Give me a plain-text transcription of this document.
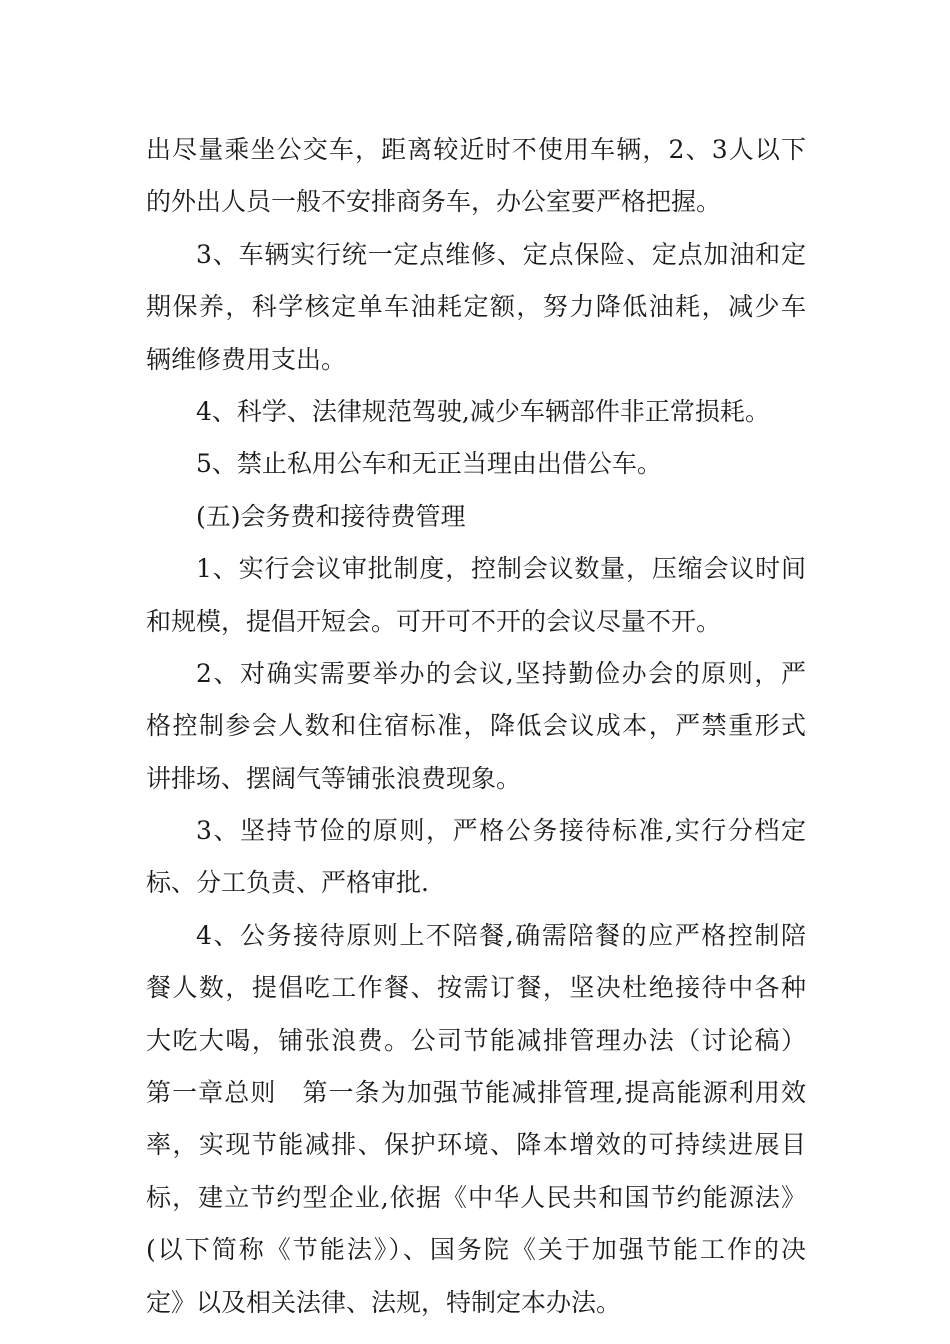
出尽量乘坐公交车，距离较近时不使用车辆，2、3人以下
的外出人员一般不安排商务车，办公室要严格把握。
3、车辆实行统一定点维修、定点保险、定点加油和定
期保养，科学核定单车油耗定额，努力降低油耗，减少车
辆维修费用支出。
4、科学、法律规范驾驶,减少车辆部件非正常损耗。
5、禁止私用公车和无正当理由出借公车。
(五)会务费和接待费管理
1、实行会议审批制度，控制会议数量，压缩会议时间
和规模，提倡开短会。可开可不开的会议尽量不开。
2、对确实需要举办的会议,坚持勤俭办会的原则，严
格控制参会人数和住宿标准，降低会议成本，严禁重形式
讲排场、摆阔气等铺张浪费现象。
3、坚持节俭的原则，严格公务接待标准,实行分档定
标、分工负责、严格审批.
4、公务接待原则上不陪餐,确需陪餐的应严格控制陪
餐人数，提倡吃工作餐、按需订餐，坚决杜绝接待中各种
大吃大喝，铺张浪费。公司节能减排管理办法（讨论稿）
第一章总则　第一条为加强节能减排管理,提高能源利用效
率，实现节能减排、保护环境、降本增效的可持续进展目
标，建立节约型企业,依据《中华人民共和国节约能源法》
(以下简称《节能法》）、国务院《关于加强节能工作的决
定》以及相关法律、法规，特制定本办法。
